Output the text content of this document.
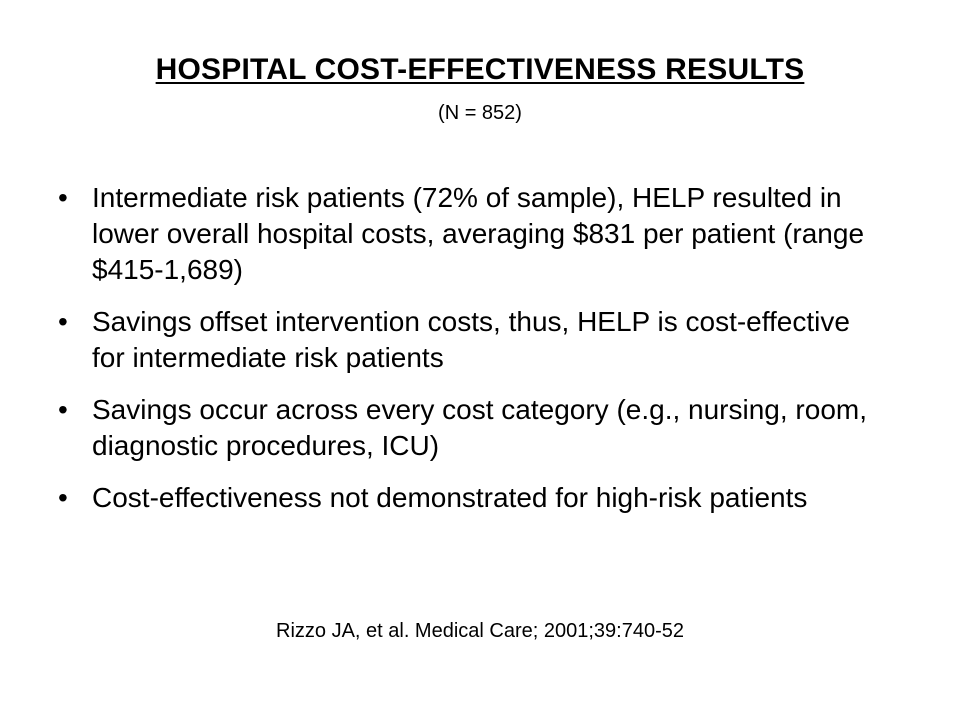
HOSPITAL COST-EFFECTIVENESS RESULTS
(N = 852)
• Intermediate risk patients (72% of sample), HELP resulted in lower overall hospital costs, averaging $831 per patient (range $415-1,689)
• Savings offset intervention costs, thus, HELP is cost-effective for intermediate risk patients
• Savings occur across every cost category (e.g., nursing, room, diagnostic procedures, ICU)
• Cost-effectiveness not demonstrated for high-risk patients
Rizzo JA, et al. Medical Care; 2001;39:740-52
